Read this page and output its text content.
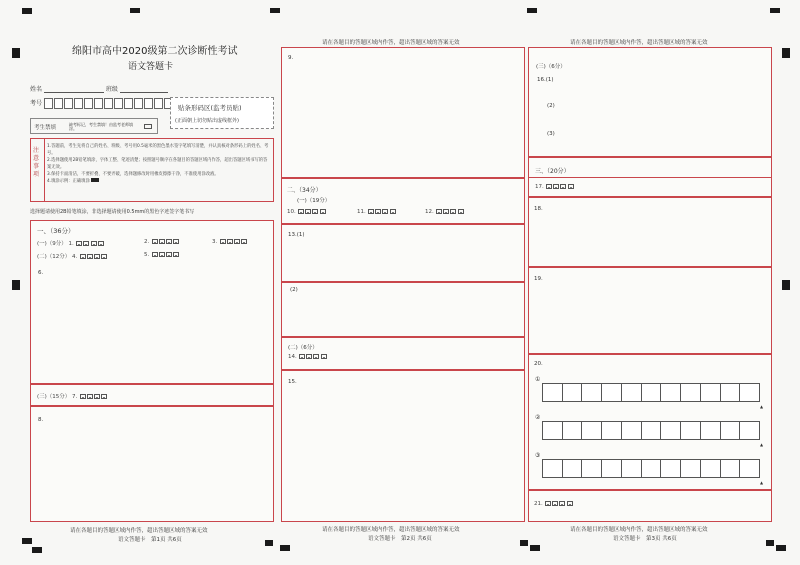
绵阳市高中2020级第二次诊断性考试
语文答题卡
姓名	班级
考号
贴条形码区(监考员贴)
(正面朝上切勿贴出虚线框外)
考生禁填
缺考标记，考生禁填！由监考老师填涂。
注意事项
1.答题前，考生先将自己的姓名、班级、考号用0.5毫米的黑色墨水签字笔填写清楚，并认真核对条形码上的姓名、考号。
2.选择题使用2B铅笔填涂，字体工整、笔迹清楚；按照题号顺序在各题目的答题区域内作答，超出答题区域书写的答案无效。
3.保持卡面清洁，不要折叠、不要弄破，选择题修改时用橡皮擦擦干净，不准使用涂改液。
4.填涂示例：正确填涂
选择题请使用2B铅笔填涂，非选择题请使用0.5mm的黑色字迹签字笔书写
一、（36分）
(一)（9分） 1.	2.	3.
(二)（12分） 4.	5.
6.
(三)（15分） 7.
8.
请在各题目的答题区域内作答，超出答题区域的答案无效
语文答题卡　第1页 共6页
请在各题目的答题区域内作答，超出答题区域的答案无效
9.
二、（34分）
(一)（19分）
10.	11.	12.
13.(1)
(2)
(二)（6分）
14.
15.
请在各题目的答题区域内作答，超出答题区域的答案无效
语文答题卡　第2页 共6页
请在各题目的答题区域内作答，超出答题区域的答案无效
(三)（6分）
16.(1)
(2)
(3)
三、（20分）
17.
18.
19.
20.
①
▲
②
▲
③
▲
21.
请在各题目的答题区域内作答，超出答题区域的答案无效
语文答题卡　第3页 共6页
